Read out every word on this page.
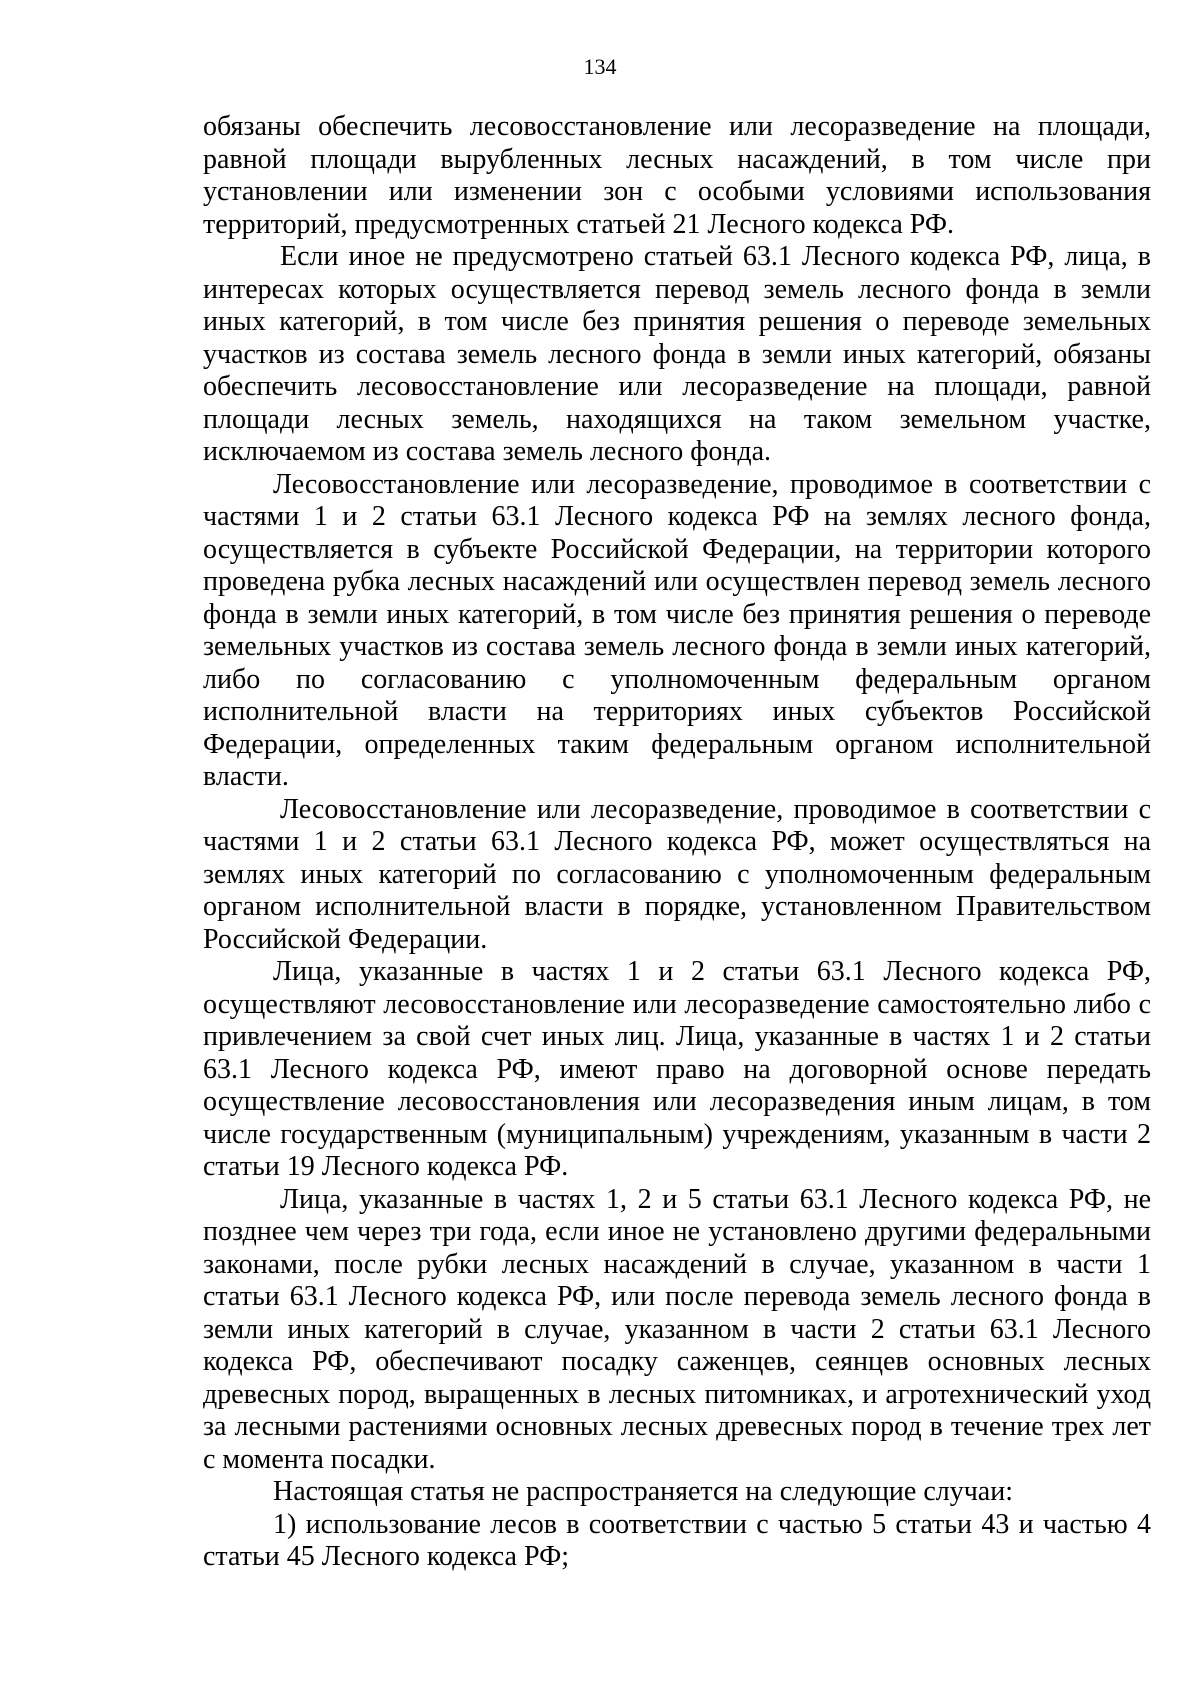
134

обязаны обеспечить лесовосстановление или лесоразведение на площади, равной площади вырубленных лесных насаждений, в том числе при установлении или изменении зон с особыми условиями использования территорий, предусмотренных статьей 21 Лесного кодекса РФ.

Если иное не предусмотрено статьей 63.1 Лесного кодекса РФ, лица, в интересах которых осуществляется перевод земель лесного фонда в земли иных категорий, в том числе без принятия решения о переводе земельных участков из состава земель лесного фонда в земли иных категорий, обязаны обеспечить лесовосстановление или лесоразведение на площади, равной площади лесных земель, находящихся на таком земельном участке, исключаемом из состава земель лесного фонда.

Лесовосстановление или лесоразведение, проводимое в соответствии с частями 1 и 2 статьи 63.1 Лесного кодекса РФ на землях лесного фонда, осуществляется в субъекте Российской Федерации, на территории которого проведена рубка лесных насаждений или осуществлен перевод земель лесного фонда в земли иных категорий, в том числе без принятия решения о переводе земельных участков из состава земель лесного фонда в земли иных категорий, либо по согласованию с уполномоченным федеральным органом исполнительной власти на территориях иных субъектов Российской Федерации, определенных таким федеральным органом исполнительной власти.

Лесовосстановление или лесоразведение, проводимое в соответствии с частями 1 и 2 статьи 63.1 Лесного кодекса РФ, может осуществляться на землях иных категорий по согласованию с уполномоченным федеральным органом исполнительной власти в порядке, установленном Правительством Российской Федерации.

Лица, указанные в частях 1 и 2 статьи 63.1 Лесного кодекса РФ, осуществляют лесовосстановление или лесоразведение самостоятельно либо с привлечением за свой счет иных лиц. Лица, указанные в частях 1 и 2 статьи 63.1 Лесного кодекса РФ, имеют право на договорной основе передать осуществление лесовосстановления или лесоразведения иным лицам, в том числе государственным (муниципальным) учреждениям, указанным в части 2 статьи 19 Лесного кодекса РФ.

Лица, указанные в частях 1, 2 и 5 статьи 63.1 Лесного кодекса РФ, не позднее чем через три года, если иное не установлено другими федеральными законами, после рубки лесных насаждений в случае, указанном в части 1 статьи 63.1 Лесного кодекса РФ, или после перевода земель лесного фонда в земли иных категорий в случае, указанном в части 2 статьи 63.1 Лесного кодекса РФ, обеспечивают посадку саженцев, сеянцев основных лесных древесных пород, выращенных в лесных питомниках, и агротехнический уход за лесными растениями основных лесных древесных пород в течение трех лет с момента посадки.

Настоящая статья не распространяется на следующие случаи:

1) использование лесов в соответствии с частью 5 статьи 43 и частью 4 статьи 45 Лесного кодекса РФ;
